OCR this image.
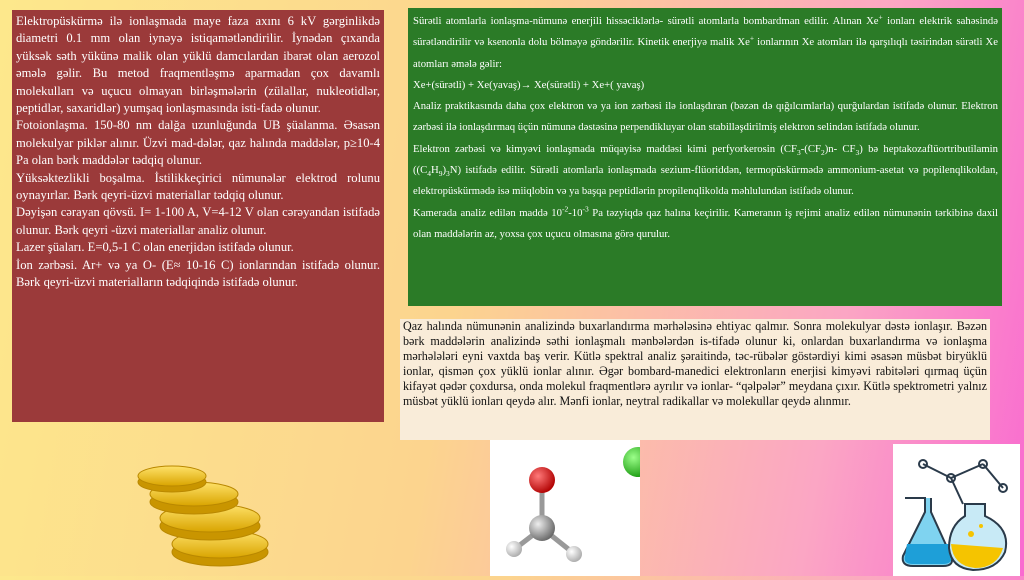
Elektropüskürmə ilə ionlaşmada maye faza axını 6 kV gərginlikdə diametri 0.1 mm olan iynəyə istiqamətləndirilir. İynədən çıxanda yüksək səth yükünə malik olan yüklü damcılardan ibarət olan aerozol əmələ gəlir. Bu metod fraqmentləşmə aparmadan çox davamlı molekulları və uçucu olmayan birləşmələrin (zülallar, nukleotidlər, peptidlər, saxaridlər) yumşaq ionlaşmasında isti-fadə olunur.

Fotoionlaşma. 150-80 nm dalğa uzunluğunda UB şüalanma. Əsasən molekulyar piklər alınır. Üzvi mad-dələr, qaz halında maddələr, p≥10-4 Pa olan bərk maddələr tədqiq olunur.

Yüksəktezlikli boşalma. İstilikkeçirici nümunələr elektrod rolunu oynayırlar. Bərk qeyri-üzvi materiallar tədqiq olunur.

Dəyişən cərayan qövsü. I= 1-100 A, V=4-12 V olan cərəyandan istifadə olunur. Bərk qeyri -üzvi materiallar analiz olunur.

Lazer şüaları. E=0,5-1 C olan enerjidən istifadə olunur.

İon zərbəsi. Ar+ və ya O- (E≈ 10-16 C) ionlarından istifadə olunur. Bərk qeyri-üzvi materialların tədqiqində istifadə olunur.

Sürətli atomlarla ionlaşma-nümunə enerjili hissəciklərlə- sürətli atomlarla bombardman edilir. Alınan Xe+ ionları elektrik sahəsində sürətləndirilir və ksenonla dolu bölməyə göndərilir. Kinetik enerjiyə malik Xe+ ionlarının Xe atomları ilə qarşılıqlı təsirindən sürətli Xe atomları əmələ gəlir:

Xe+(sürətli) + Xe(yavaş)→ Xe(sürətli) + Xe+( yavaş)

Analiz praktikasında daha çox elektron və ya ion zərbəsi ilə ionlaşdıran (bəzən də qığılcımlarla) qurğulardan istifadə olunur. Elektron zərbəsi ilə ionlaşdırmaq üçün nümunə dəstəsinə perpendikluyar olan stabilləşdirilmiş elektron selindən istifadə olunur.

Elektron zərbəsi və kimyəvi ionlaşmada müqayisə maddəsi kimi perfyorkerosin ($CF_3-(CF_2)n-$ $CF_3$) bə heptakozaflüortributilamin $((C_4H_9)_3N)$ istifadə edilir. Sürətli atomlarla ionlaşmada sezium-flüoriddən, termopüskürmədə ammonium-asetat və popilenqlikoldan, elektropüskürmədə isə miiqlobin və ya başqa peptidlərin propilenqlikolda məhlulundan istifadə olunur.

Kamerada analiz edilən maddə $10^{-2}-10^{-3}$ Pa təzyiqdə qaz halına keçirilir. Kameranın iş rejimi analiz edilən nümunənin tərkibinə daxil olan maddələrin az, yoxsa çox uçucu olmasına görə qurulur.

Qaz halında nümunənin analizində buxarlandırma mərhələsinə ehtiyac qalmır. Sonra molekulyar dəstə ionlaşır. Bəzən bərk maddələrin analizində səthi ionlaşmalı mənbələrdən is-tifadə olunur ki, onlardan buxarlandırma və ionlaşma mərhələləri eyni vaxtda baş verir. Kütlə spektral analiz şəraitində, təc-rübələr göstərdiyi kimi əsasən müsbət biryüklü ionlar, qismən çox yüklü ionlar alınır. Əgər bombard-manedici elektronların enerjisi kimyəvi rabitələri qırmaq üçün kifayət qədər çoxdursa, onda molekul fraqmentlərə ayrılır və ionlar- “qəlpələr” meydana çıxır. Kütlə spektrometri yalnız müsbət yüklü ionları qeydə alır. Mənfi ionlar, neytral radikallar və molekullar qeydə alınmır.
